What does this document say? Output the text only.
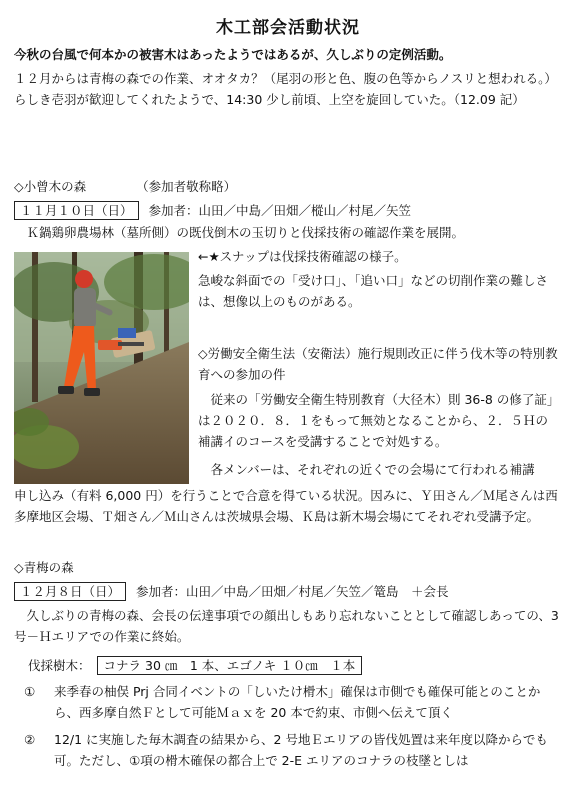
木工部会活動状況
今秋の台風で何本かの被害木はあったようではあるが、久しぶりの定例活動。
１２月からは青梅の森での作業、オオタカ？（尾羽の形と色、腹の色等からノスリと想われる。）らしき壱羽が歓迎してくれたようで、14:30 少し前頃、上空を旋回していた。（12.09 記）
◇小曾木の森	（参加者敬称略）
１１月１０日（日） 参加者：山田／中島／田畑／樅山／村尾／矢笠
Ｋ鍋鶏卵農場林（墓所側）の既伐倒木の玉切りと伐採技術の確認作業を展開。
←★スナップは伐採技術確認の様子。
急峻な斜面での「受け口」、「追い口」などの切削作業の難しさは、想像以上のものがある。
◇労働安全衛生法（安衛法）施行規則改正に伴う伐木等の特別教育への参加の件
従来の「労働安全衛生特別教育（大径木）則 36-8 の修了証」は２０２０．８．１をもって無効となることから、２．５Ｈの補講イのコースを受講することで対処する。
各メンバーは、それぞれの近くでの会場にて行われる補講
申し込み（有料 6,000 円）を行うことで合意を得ている状況。因みに、Ｙ田さん／Ｍ尾さんは西多摩地区会場、Ｔ畑さん／Ｍ山さんは茨城県会場、Ｋ島は新木場会場にてそれぞれ受講予定。
◇青梅の森
１２月８日（日） 参加者：山田／中島／田畑／村尾／矢笠／篭島　＋会長
久しぶりの青梅の森、会長の伝達事項での顔出しもあり忘れないこととして確認しあっての、3 号－Ｈエリアでの作業に終始。
伐採樹木： コナラ 30 ㎝　1 本、エゴノキ １０㎝　１本
① 来季春の柚俣 Prj 合同イベントの「しいたけ榾木」確保は市側でも確保可能とのことから、西多摩自然Ｆとして可能Ｍａｘを 20 本で約束、市側へ伝えて頂く
② 12/1 に実施した毎木調査の結果から、2 号地Ｅエリアの皆伐処置は来年度以降からでも可。ただし、①項の榾木確保の都合上で 2-E エリアのコナラの枝墜としは
